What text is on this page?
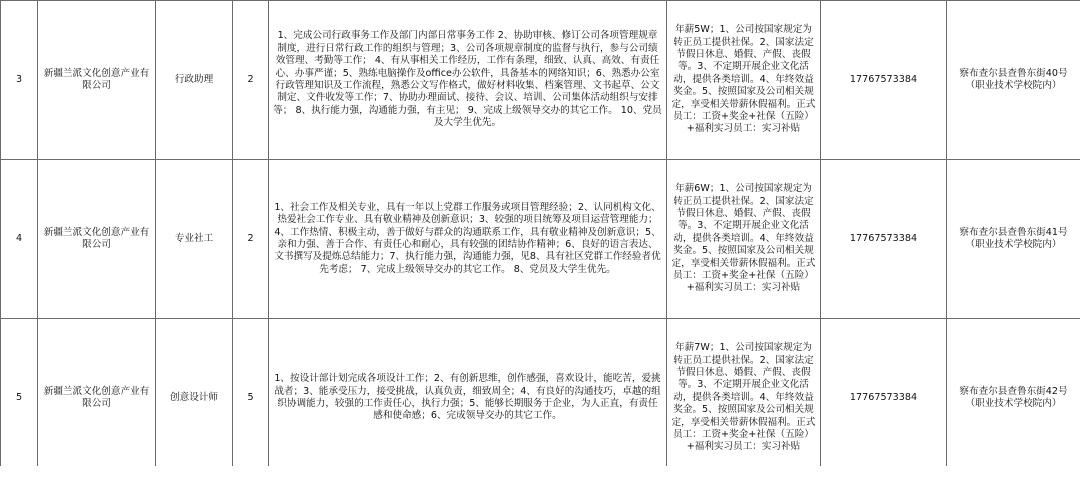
3	新疆兰派文化创意产业有限公司	行政助理	2	1、完成公司行政事务工作及部门内部日常事务工作 2、协助审核、修订公司各项管理规章制度，进行日常行政工作的组织与管理；3、公司各项规章制度的监督与执行，参与公司绩效管理、考勤等工作； 4、有从事相关工作经历，工作有条理，细致、认真、高效、有责任心、办事严谨；5、熟练电脑操作及office办公软件，具备基本的网络知识；6、熟悉办公室行政管理知识及工作流程，熟悉公文写作格式，做好材料收集、档案管理、文书起草、公文制定、文件收发等工作；7、协助办理面试、接待、会议、培训、公司集体活动组织与安排等； 8、执行能力强，沟通能力强，有主见； 9、完成上级领导交办的其它工作。 10、党员及大学生优先。	年薪5W；1、公司按国家规定为转正员工提供社保。2、国家法定节假日休息、婚假、产假、丧假等。3、不定期开展企业文化活动，提供各类培训。4、年终效益奖金。5、按照国家及公司相关规定，享受相关带薪休假福利。正式员工：工资+奖金+社保（五险）+福利实习员工：实习补贴	17767573384	察布查尔县查鲁东街40号（职业技术学校院内）
4	新疆兰派文化创意产业有限公司	专业社工	2	1、社会工作及相关专业，具有一年以上党群工作服务或项目管理经验；2、认同机构文化、热爱社会工作专业、具有敬业精神及创新意识；3、较强的项目统筹及项目运营管理能力；4、工作热情、积极主动，善于做好与群众的沟通联系工作，具有敬业精神及创新意识；5、亲和力强、善于合作、有责任心和耐心，具有较强的团结协作精神；6、良好的语言表达、文书撰写及提炼总结能力；7、执行能力强，沟通能力强，见8、具有社区党群工作经验者优先考虑； 7、完成上级领导交办的其它工作。 8、党员及大学生优先。	年薪6W；1、公司按国家规定为转正员工提供社保。2、国家法定节假日休息、婚假、产假、丧假等。3、不定期开展企业文化活动，提供各类培训。4、年终效益奖金。5、按照国家及公司相关规定，享受相关带薪休假福利。正式员工：工资+奖金+社保（五险）+福利实习员工：实习补贴	17767573384	察布查尔县查鲁东街41号（职业技术学校院内）
5	新疆兰派文化创意产业有限公司	创意设计师	5	1、按设计部计划完成各项设计工作；2、有创新思维，创作感强，喜欢设计，能吃苦，爱挑战者；3、能承受压力，接受挑战，认真负责，细致周全；4、有良好的沟通技巧，卓越的组织协调能力，较强的工作责任心，执行力强；5、能够长期服务于企业，为人正直，有责任感和使命感；6、完成领导交办的其它工作。	年薪7W；1、公司按国家规定为转正员工提供社保。2、国家法定节假日休息、婚假、产假、丧假等。3、不定期开展企业文化活动，提供各类培训。4、年终效益奖金。5、按照国家及公司相关规定，享受相关带薪休假福利。正式员工：工资+奖金+社保（五险）+福利实习员工：实习补贴	17767573384	察布查尔县查鲁东街42号（职业技术学校院内）
